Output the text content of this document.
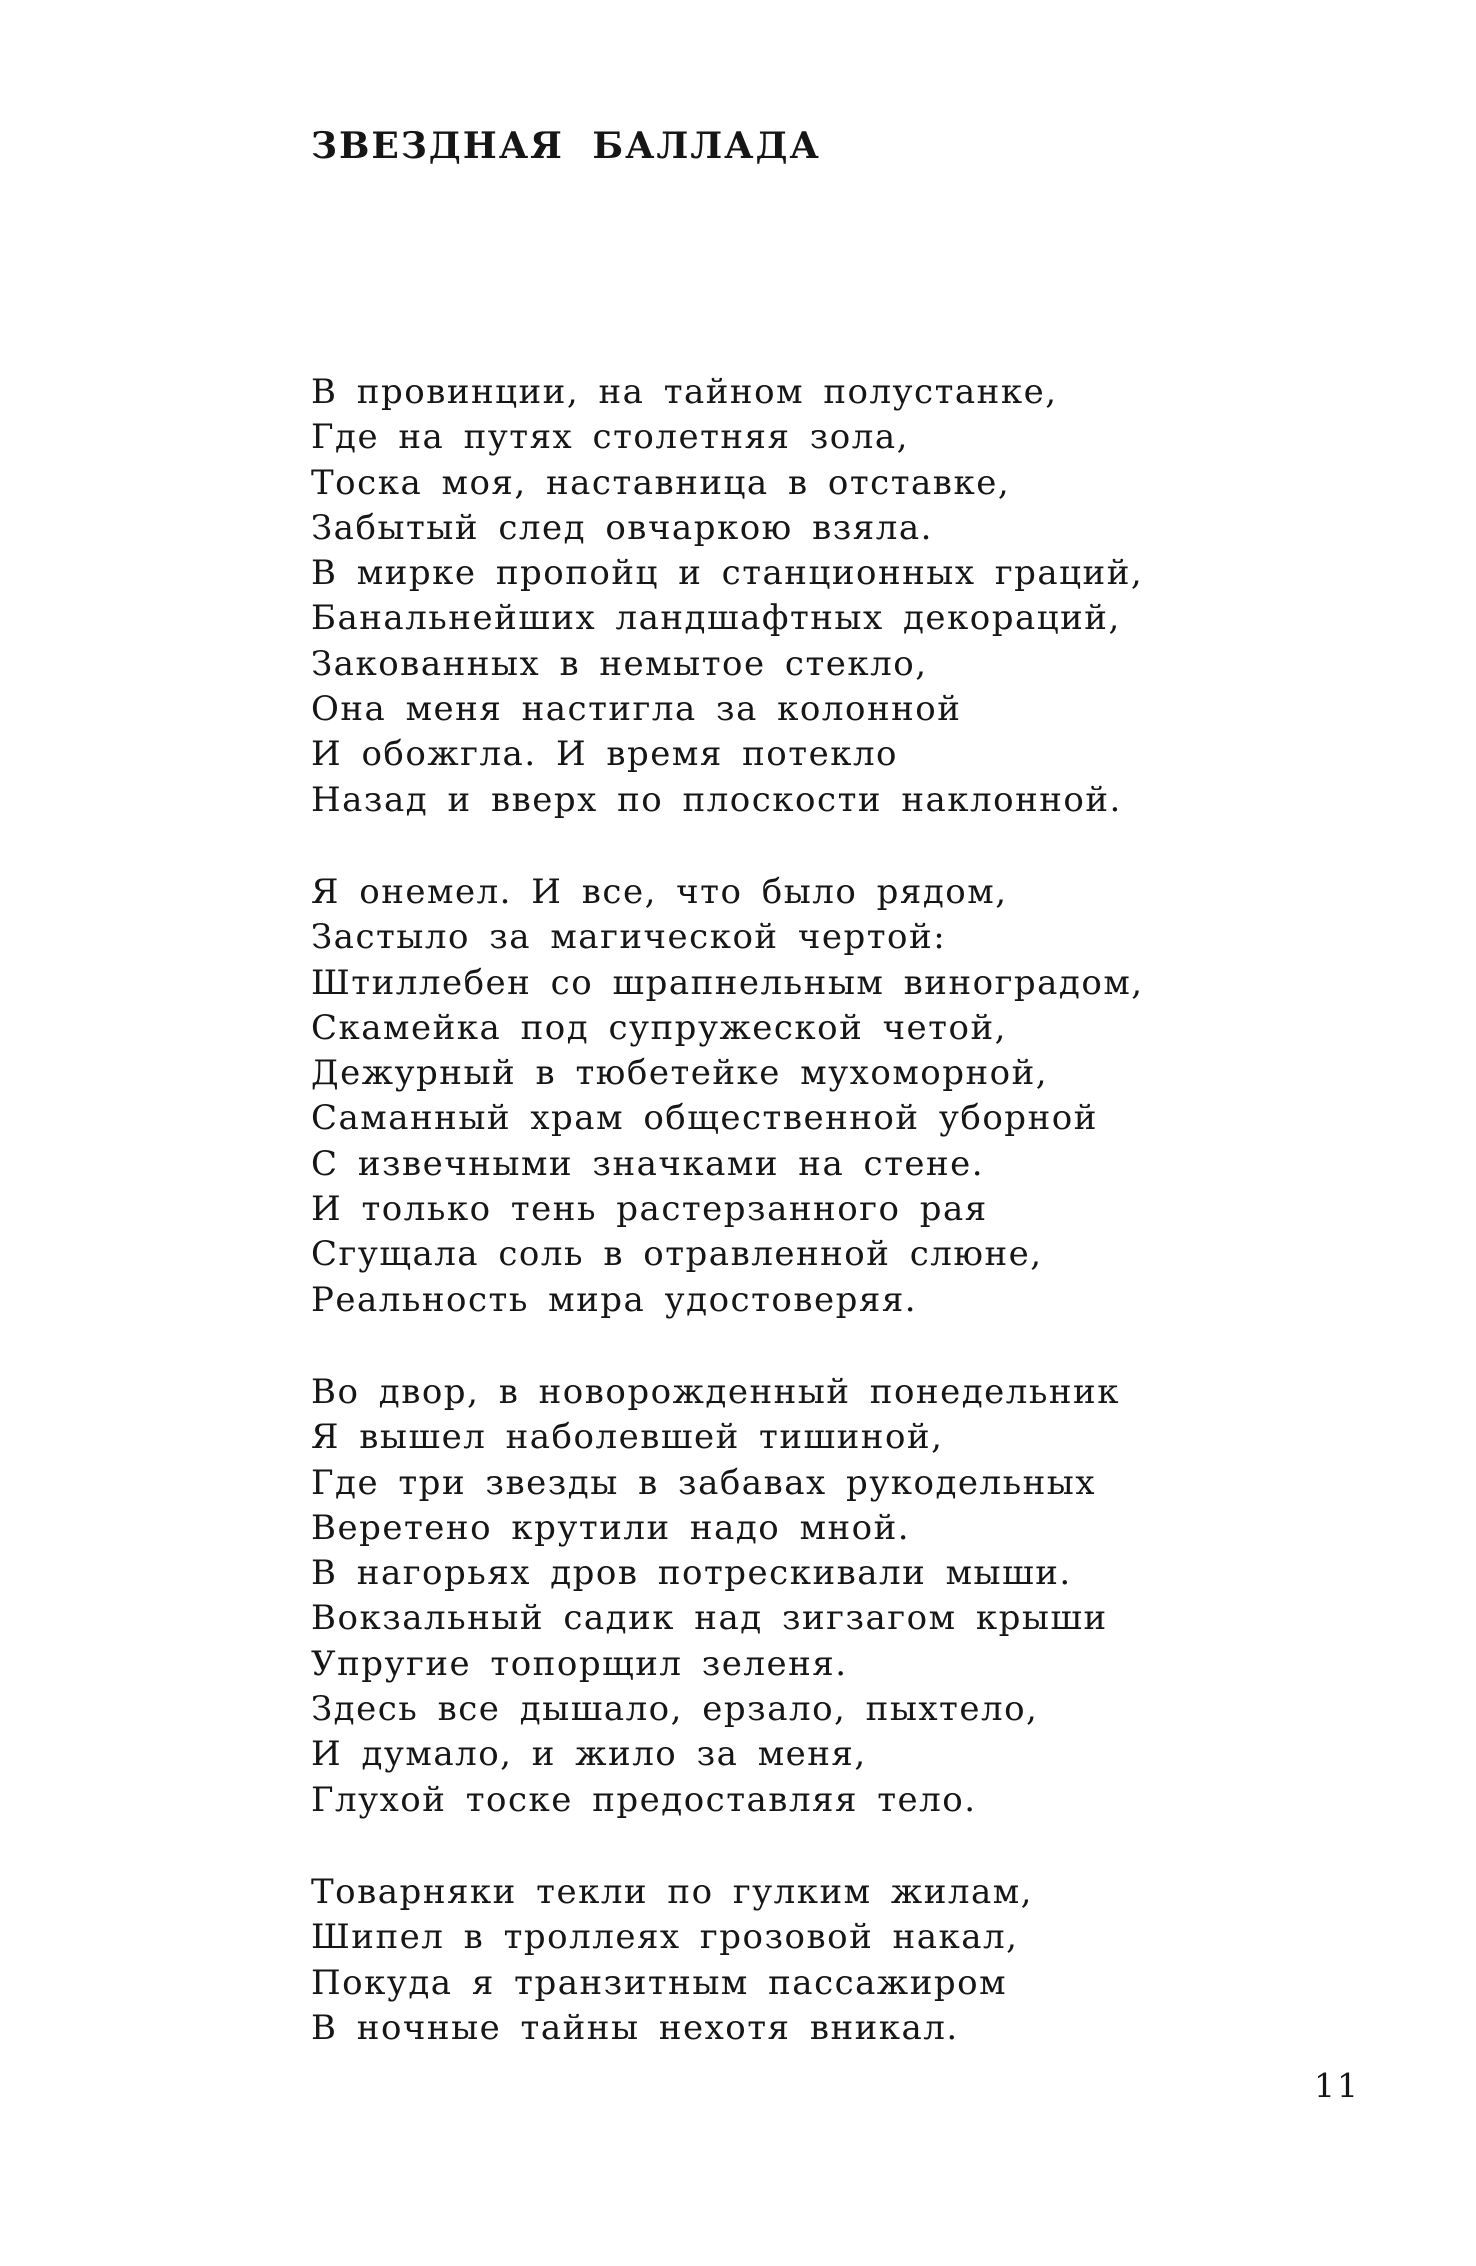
ЗВЕЗДНАЯ БАЛЛАДА
В провинции, на тайном полустанке,
Где на путях столетняя зола,
Тоска моя, наставница в отставке,
Забытый след овчаркою взяла.
В мирке пропойц и станционных граций,
Банальнейших ландшафтных декораций,
Закованных в немытое стекло,
Она меня настигла за колонной
И обожгла. И время потекло
Назад и вверх по плоскости наклонной.
Я онемел. И все, что было рядом,
Застыло за магической чертой:
Штиллебен со шрапнельным виноградом,
Скамейка под супружеской четой,
Дежурный в тюбетейке мухоморной,
Саманный храм общественной уборной
С извечными значками на стене.
И только тень растерзанного рая
Сгущала соль в отравленной слюне,
Реальность мира удостоверяя.
Во двор, в новорожденный понедельник
Я вышел наболевшей тишиной,
Где три звезды в забавах рукодельных
Веретено крутили надо мной.
В нагорьях дров потрескивали мыши.
Вокзальный садик над зигзагом крыши
Упругие топорщил зеленя.
Здесь все дышало, ерзало, пыхтело,
И думало, и жило за меня,
Глухой тоске предоставляя тело.
Товарняки текли по гулким жилам,
Шипел в троллеях грозовой накал,
Покуда я транзитным пассажиром
В ночные тайны нехотя вникал.
11
